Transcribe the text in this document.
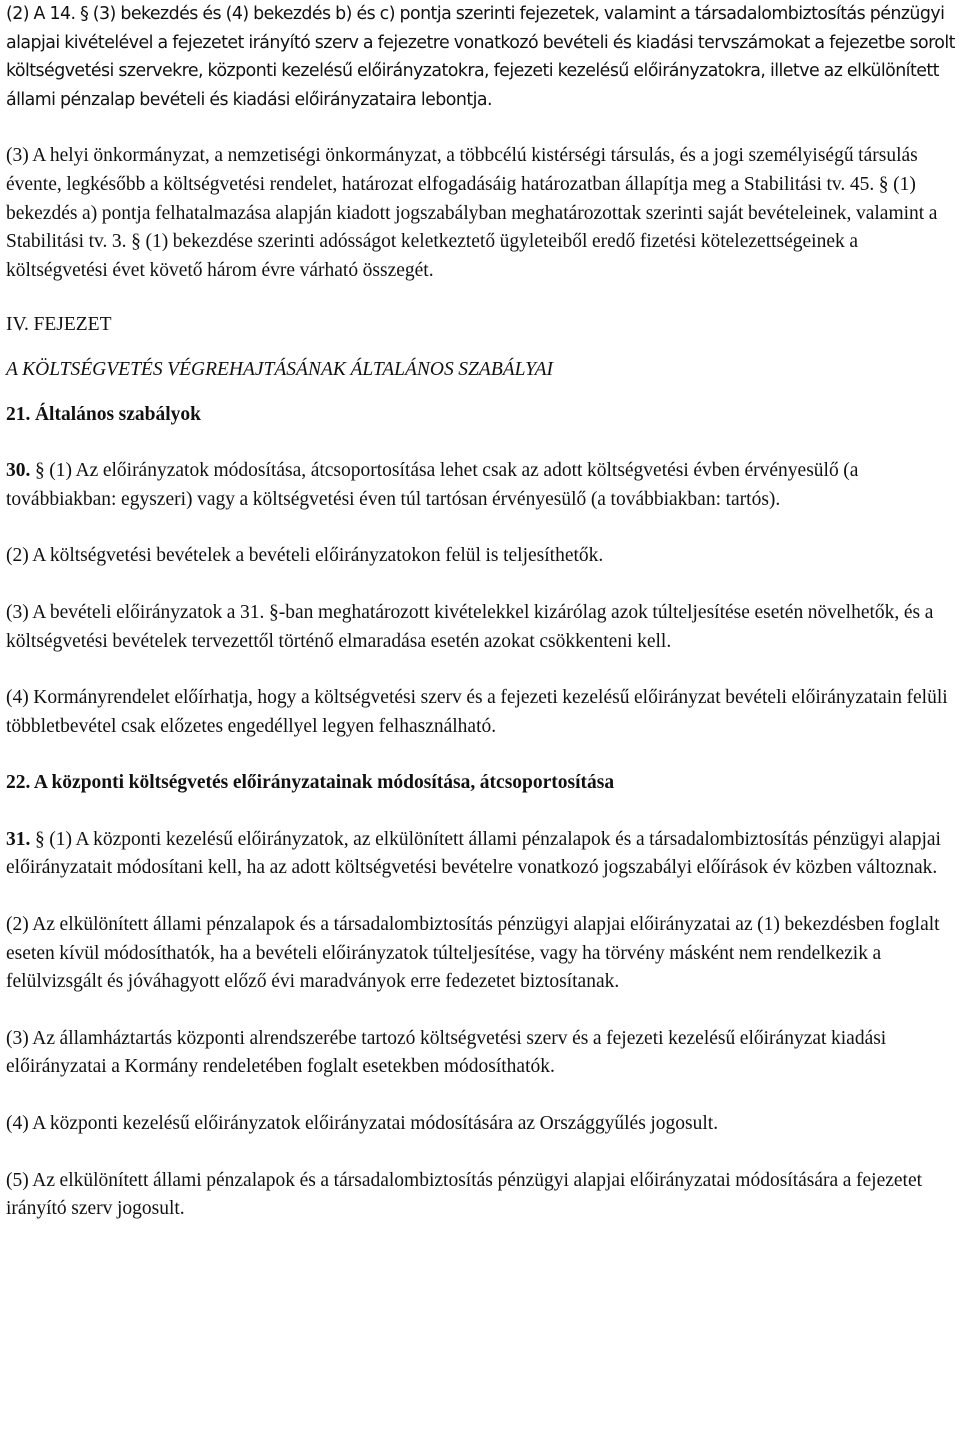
(2) A 14. § (3) bekezdés és (4) bekezdés b) és c) pontja szerinti fejezetek, valamint a társadalombiztosítás pénzügyi alapjai kivételével a fejezetet irányító szerv a fejezetre vonatkozó bevételi és kiadási tervszámokat a fejezetbe sorolt költségvetési szervekre, központi kezelésű előirányzatokra, fejezeti kezelésű előirányzatokra, illetve az elkülönített állami pénzalap bevételi és kiadási előirányzataira lebontja.

(3) A helyi önkormányzat, a nemzetiségi önkormányzat, a többcélú kistérségi társulás, és a jogi személyiségű társulás évente, legkésőbb a költségvetési rendelet, határozat elfogadásáig határozatban állapítja meg a Stabilitási tv. 45. § (1) bekezdés a) pontja felhatalmazása alapján kiadott jogszabályban meghatározottak szerinti saját bevételeinek, valamint a Stabilitási tv. 3. § (1) bekezdése szerinti adósságot keletkeztető ügyleteiből eredő fizetési kötelezettségeinek a költségvetési évet követő három évre várható összegét.

IV. FEJEZET

A KÖLTSÉGVETÉS VÉGREHAJTÁSÁNAK ÁLTALÁNOS SZABÁLYAI

21. Általános szabályok

30. § (1) Az előirányzatok módosítása, átcsoportosítása lehet csak az adott költségvetési évben érvényesülő (a továbbiakban: egyszeri) vagy a költségvetési éven túl tartósan érvényesülő (a továbbiakban: tartós).

(2) A költségvetési bevételek a bevételi előirányzatokon felül is teljesíthetők.

(3) A bevételi előirányzatok a 31. §-ban meghatározott kivételekkel kizárólag azok túlteljesítése esetén növelhetők, és a költségvetési bevételek tervezettől történő elmaradása esetén azokat csökkenteni kell.

(4) Kormányrendelet előírhatja, hogy a költségvetési szerv és a fejezeti kezelésű előirányzat bevételi előirányzatain felüli többletbevétel csak előzetes engedéllyel legyen felhasználható.

22. A központi költségvetés előirányzatainak módosítása, átcsoportosítása

31. § (1) A központi kezelésű előirányzatok, az elkülönített állami pénzalapok és a társadalombiztosítás pénzügyi alapjai előirányzatait módosítani kell, ha az adott költségvetési bevételre vonatkozó jogszabályi előírások év közben változnak.

(2) Az elkülönített állami pénzalapok és a társadalombiztosítás pénzügyi alapjai előirányzatai az (1) bekezdésben foglalt eseten kívül módosíthatók, ha a bevételi előirányzatok túlteljesítése, vagy ha törvény másként nem rendelkezik a felülvizsgált és jóváhagyott előző évi maradványok erre fedezetet biztosítanak.

(3) Az államháztartás központi alrendszerébe tartozó költségvetési szerv és a fejezeti kezelésű előirányzat kiadási előirányzatai a Kormány rendeletében foglalt esetekben módosíthatók.

(4) A központi kezelésű előirányzatok előirányzatai módosítására az Országgyűlés jogosult.

(5) Az elkülönített állami pénzalapok és a társadalombiztosítás pénzügyi alapjai előirányzatai módosítására a fejezetet irányító szerv jogosult.
